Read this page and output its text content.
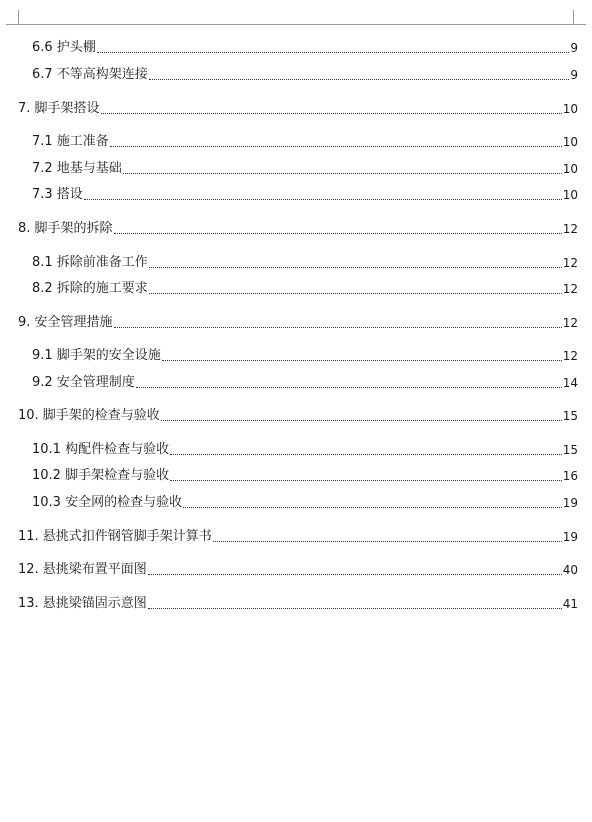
6.6 护头棚	9
6.7 不等高构架连接	9
7. 脚手架搭设	10
7.1 施工准备	10
7.2 地基与基础	10
7.3 搭设	10
8. 脚手架的拆除	12
8.1 拆除前准备工作	12
8.2 拆除的施工要求	12
9. 安全管理措施	12
9.1 脚手架的安全设施	12
9.2 安全管理制度	14
10. 脚手架的检查与验收	15
10.1 构配件检查与验收	15
10.2 脚手架检查与验收	16
10.3 安全网的检查与验收	19
11. 悬挑式扣件钢管脚手架计算书	19
12. 悬挑梁布置平面图	40
13. 悬挑梁锚固示意图	41
